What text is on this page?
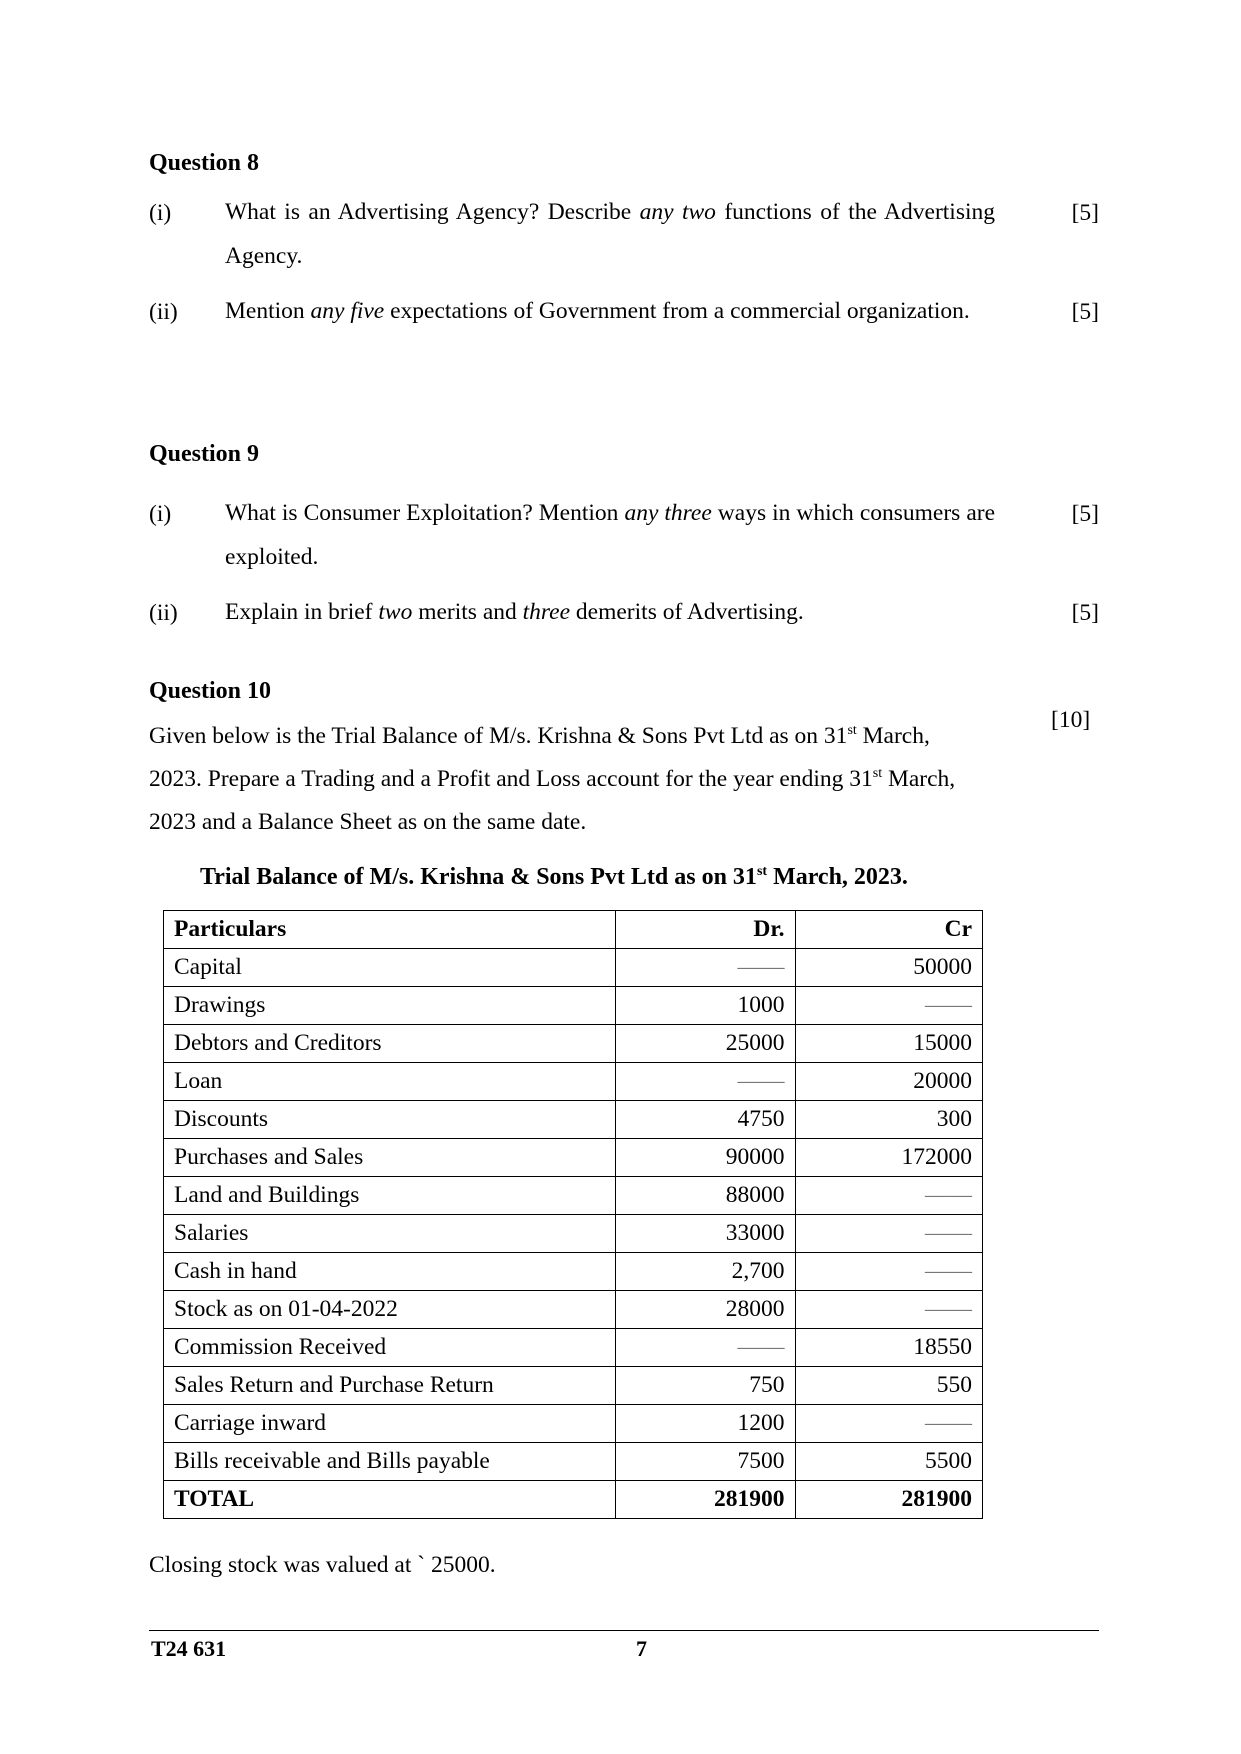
Question 8
(i) What is an Advertising Agency? Describe any two functions of the Advertising Agency.
[5]
(ii) Mention any five expectations of Government from a commercial organization.	[5]
Question 9
(i) What is Consumer Exploitation? Mention any three ways in which consumers are exploited.
[5]
(ii) Explain in brief two merits and three demerits of Advertising.	[5]
Question 10
[10]
Given below is the Trial Balance of M/s. Krishna & Sons Pvt Ltd as on 31st March,
2023. Prepare a Trading and a Profit and Loss account for the year ending 31st March,
2023 and a Balance Sheet as on the same date.
Trial Balance of M/s. Krishna & Sons Pvt Ltd as on 31st March, 2023.
Particulars	Dr.	Cr
Capital	——	50000
Drawings	1000	——
Debtors and Creditors	25000	15000
Loan	——	20000
Discounts	4750	300
Purchases and Sales	90000	172000
Land and Buildings	88000	——
Salaries	33000	——
Cash in hand	2,700	——
Stock as on 01-04-2022	28000	——
Commission Received	——	18550
Sales Return and Purchase Return	750	550
Carriage inward	1200	——
Bills receivable and Bills payable	7500	5500
TOTAL	281900	281900
Closing stock was valued at ` 25000.
T24 631	7
